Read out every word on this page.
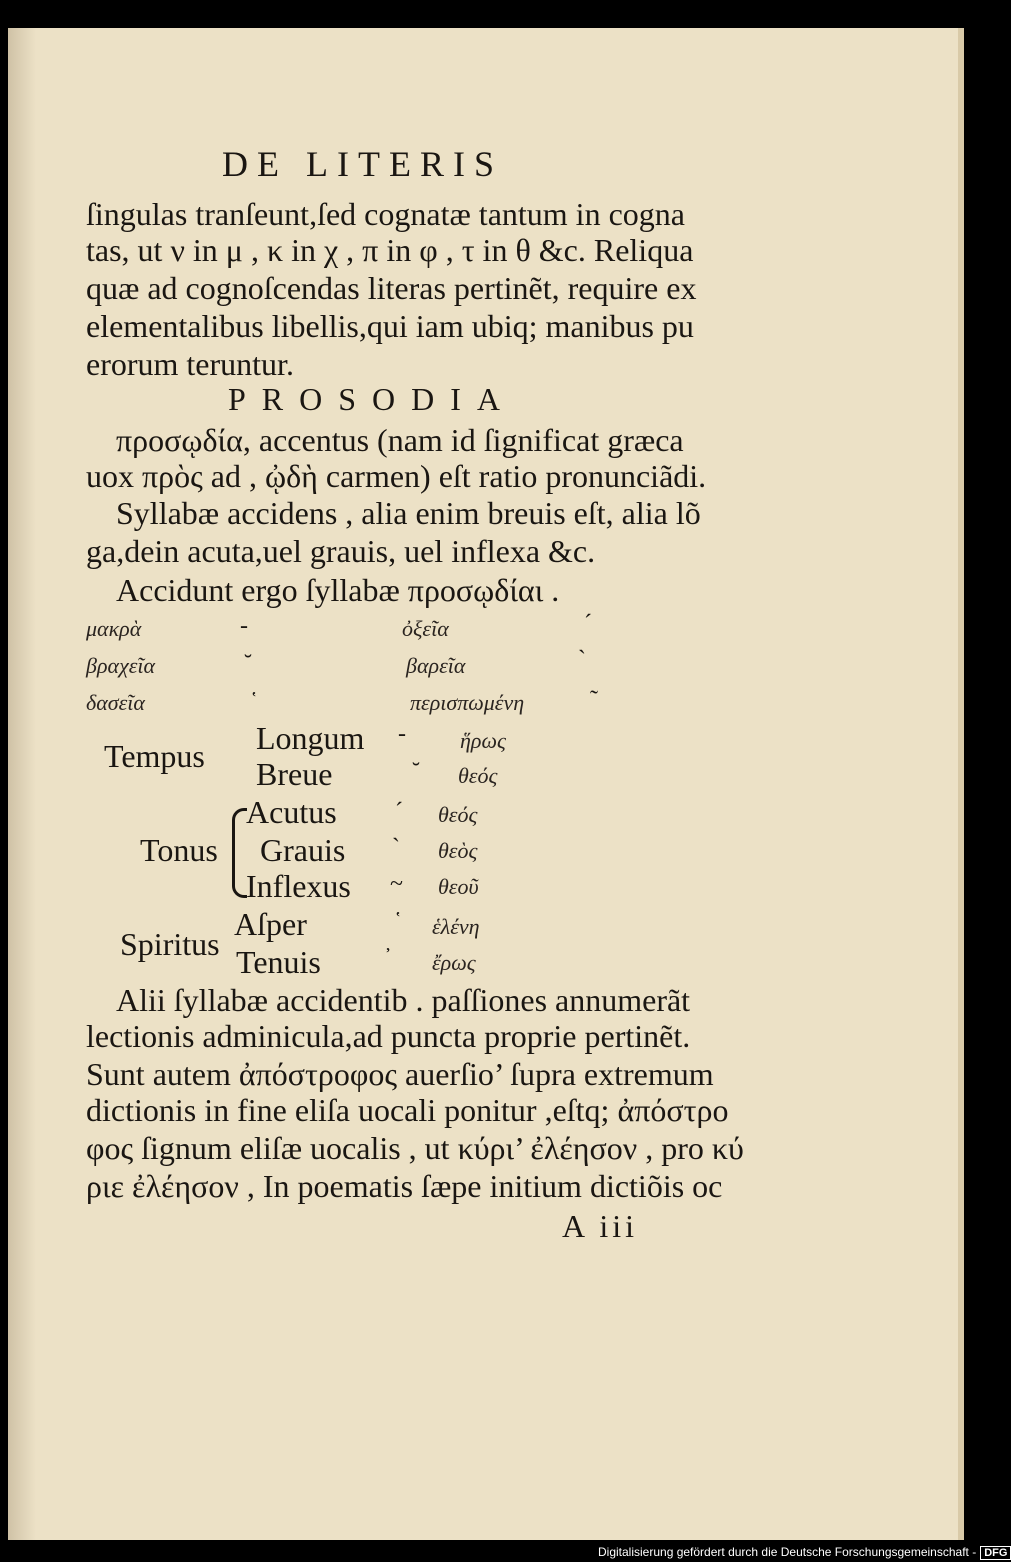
DE LITERIS
ſingulas tranſeunt,ſed cognatæ tantum in cogna
tas, ut ν in μ , κ in χ , π in φ , τ in θ &c. Reliqua
quæ ad cognoſcendas literas pertinẽt, require ex
elementalibus libellis,qui iam ubiq; manibus pu
erorum teruntur.
PROSODIA
προσῳδία, accentus (nam id ſignificat græca
uox πρὸς ad , ᾠδὴ carmen) eſt ratio pronunciãdi.
Syllabæ accidens , alia enim breuis eſt, alia lõ
ga,dein acuta,uel grauis, uel inflexa &c.
Accidunt ergo ſyllabæ προσῳδίαι .
μακρὰ	-	ὀξεῖα	´
βραχεῖα	˘	βαρεῖα	`
δασεῖα	῾	περισπωμένη	῀
Tempus Longum - ἥρως
Breue	˘ θεός
Tonus
Acutus ´ θεός
Grauis ` θεὸς
Inflexus ~ θεοῦ
Spiritus
Aſper	῾ ἑλένη
Tenuis	᾿ ἔρως
Alii ſyllabæ accidentib . paſſiones annumerãt
lectionis adminicula,ad puncta proprie pertinẽt.
Sunt autem ἀπόστροφος auerſio’ ſupra extremum
dictionis in fine eliſa uocali ponitur ,eſtq; ἀπόστρο
φος ſignum eliſæ uocalis , ut κύρι’ ἐλέησον , pro κύ
ριε ἐλέησον , In poematis ſæpe initium dictiõis oc
A iii
Digitalisierung gefördert durch die Deutsche Forschungsgemeinschaft - DFG
